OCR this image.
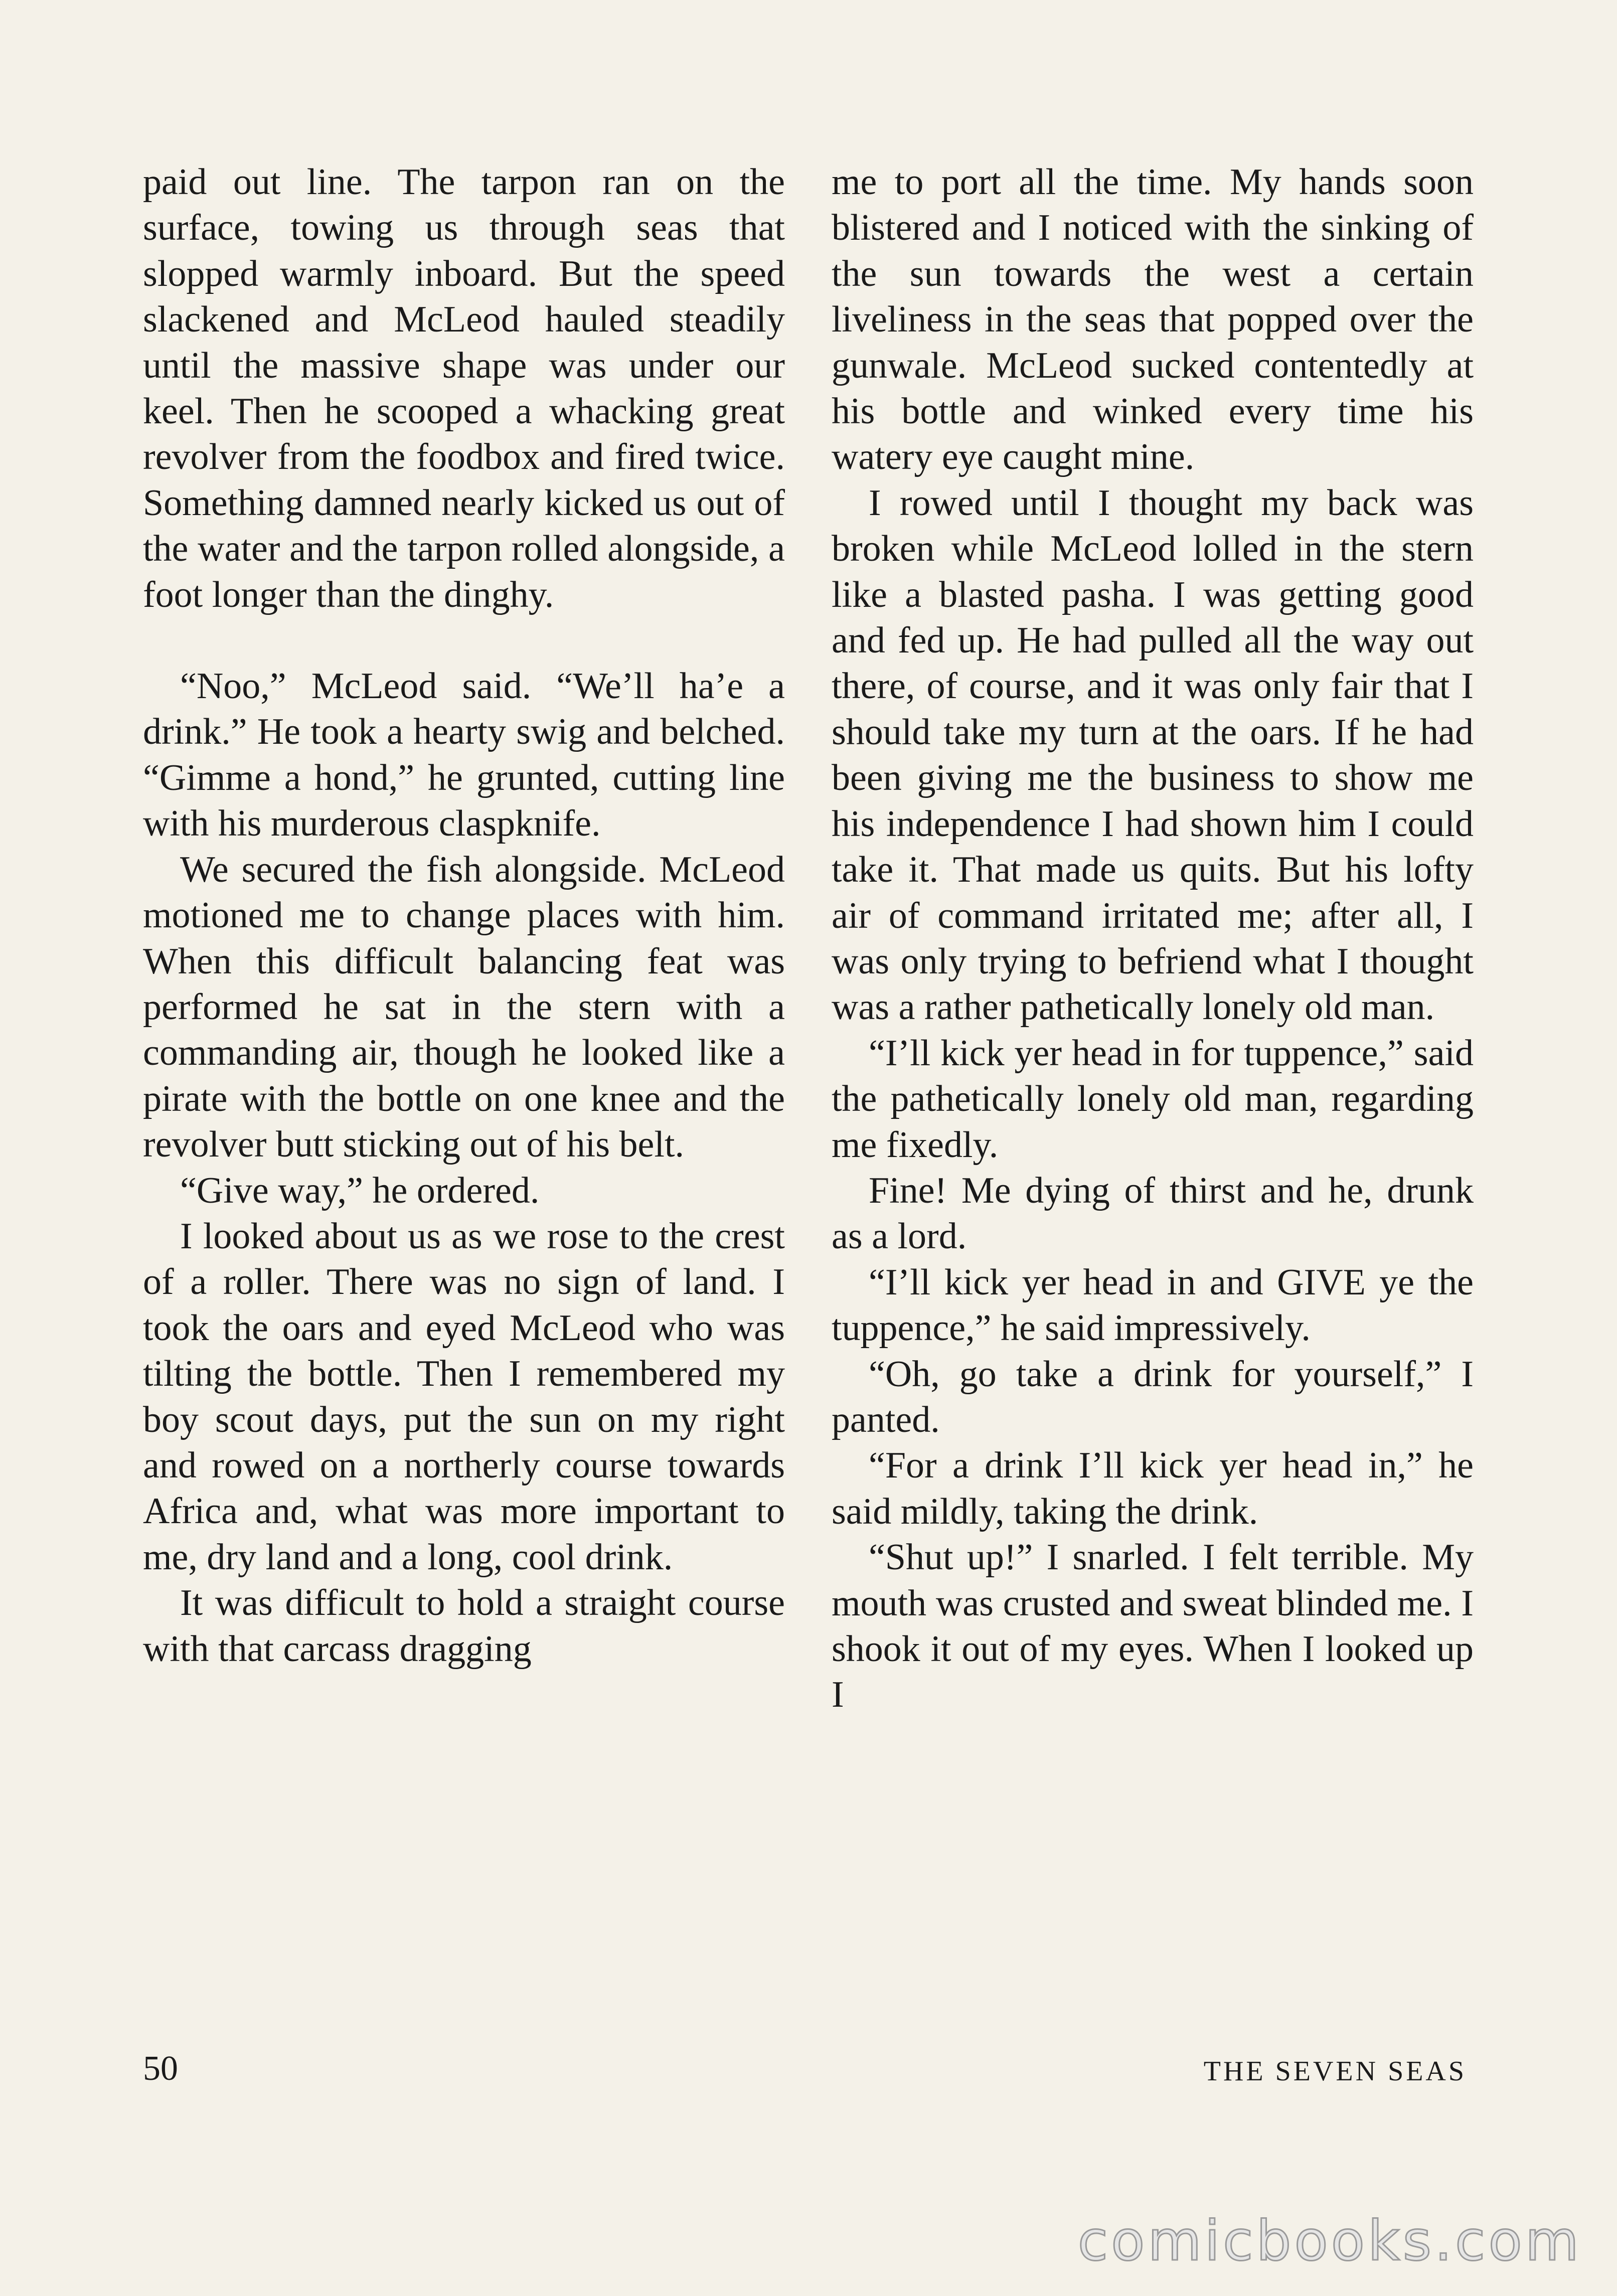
paid out line. The tarpon ran on the surface, towing us through seas that slopped warmly inboard. But the speed slackened and McLeod hauled steadily until the massive shape was under our keel. Then he scooped a whacking great revolver from the foodbox and fired twice. Something damned nearly kicked us out of the water and the tarpon rolled alongside, a foot longer than the dinghy.

“Noo,” McLeod said. “We’ll ha’e a drink.” He took a hearty swig and belched. “Gimme a hond,” he grunted, cutting line with his murderous claspknife.

We secured the fish alongside. McLeod motioned me to change places with him. When this difficult balancing feat was performed he sat in the stern with a commanding air, though he looked like a pirate with the bottle on one knee and the revolver butt sticking out of his belt.

“Give way,” he ordered.

I looked about us as we rose to the crest of a roller. There was no sign of land. I took the oars and eyed McLeod who was tilting the bottle. Then I remembered my boy scout days, put the sun on my right and rowed on a northerly course towards Africa and, what was more important to me, dry land and a long, cool drink.

It was difficult to hold a straight course with that carcass dragging

me to port all the time. My hands soon blistered and I noticed with the sinking of the sun towards the west a certain liveliness in the seas that popped over the gunwale. McLeod sucked contentedly at his bottle and winked every time his watery eye caught mine.

I rowed until I thought my back was broken while McLeod lolled in the stern like a blasted pasha. I was getting good and fed up. He had pulled all the way out there, of course, and it was only fair that I should take my turn at the oars. If he had been giving me the business to show me his independence I had shown him I could take it. That made us quits. But his lofty air of command irritated me; after all, I was only trying to befriend what I thought was a rather pathetically lonely old man.

“I’ll kick yer head in for tuppence,” said the pathetically lonely old man, regarding me fixedly.

Fine! Me dying of thirst and he, drunk as a lord.

“I’ll kick yer head in and GIVE ye the tuppence,” he said impressively.

“Oh, go take a drink for yourself,” I panted.

“For a drink I’ll kick yer head in,” he said mildly, taking the drink.

“Shut up!” I snarled. I felt terrible. My mouth was crusted and sweat blinded me. I shook it out of my eyes. When I looked up I

50	THE SEVEN SEAS
comicbooks.com
